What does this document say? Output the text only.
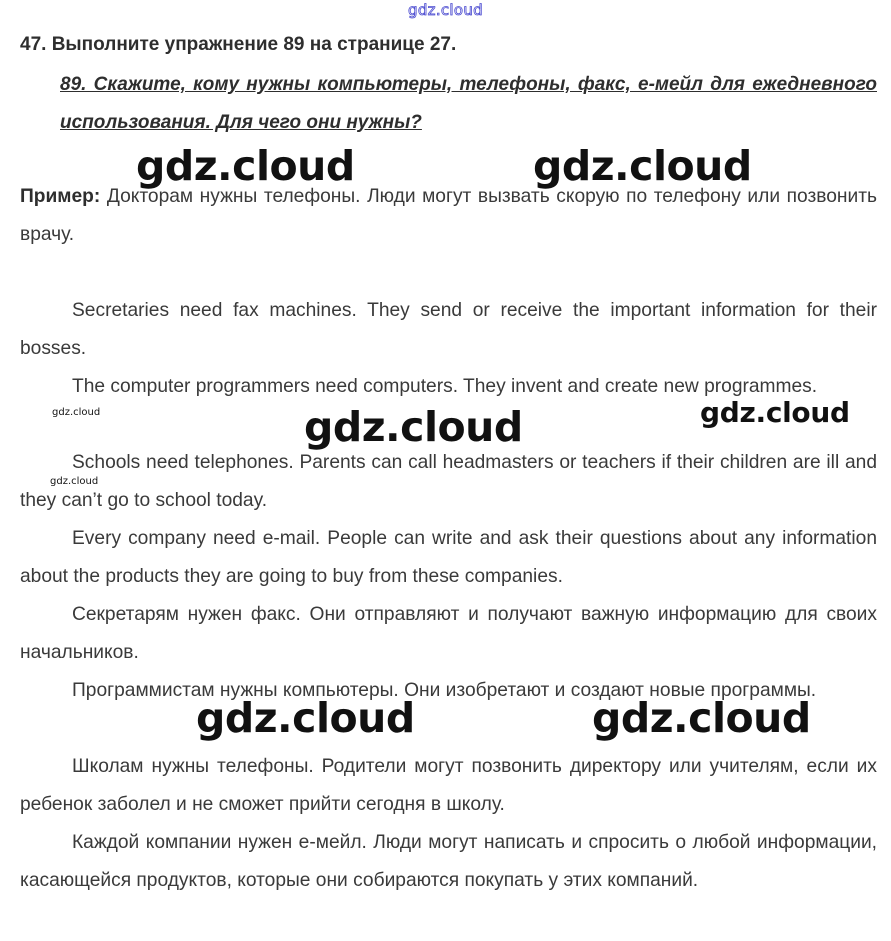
gdz.cloud
47. Выполните упражнение 89 на странице 27.
89. Скажите, кому нужны компьютеры, телефоны, факс, е-мейл для ежедневного использования. Для чего они нужны?
Пример: Докторам нужны телефоны. Люди могут вызвать скорую по телефону или позвонить врачу.
Secretaries need fax machines. They send or receive the important information for their bosses.
The computer programmers need computers. They invent and create new programmes.
Schools need telephones. Parents can call headmasters or teachers if their children are ill and they can’t go to school today.
Every company need e-mail. People can write and ask their questions about any information about the products they are going to buy from these companies.
Секретарям нужен факс. Они отправляют и получают важную информацию для своих начальников.
Программистам нужны компьютеры. Они изобретают и создают новые программы.
Школам нужны телефоны. Родители могут позвонить директору или учителям, если их ребенок заболел и не сможет прийти сегодня в школу.
Каждой компании нужен е-мейл. Люди могут написать и спросить о любой информации, касающейся продуктов, которые они собираются покупать у этих компаний.
gdz.cloud	gdz.cloud
gdz.cloud	gdz.cloud
gdz.cloud
gdz.cloud
gdz.cloud	gdz.cloud
